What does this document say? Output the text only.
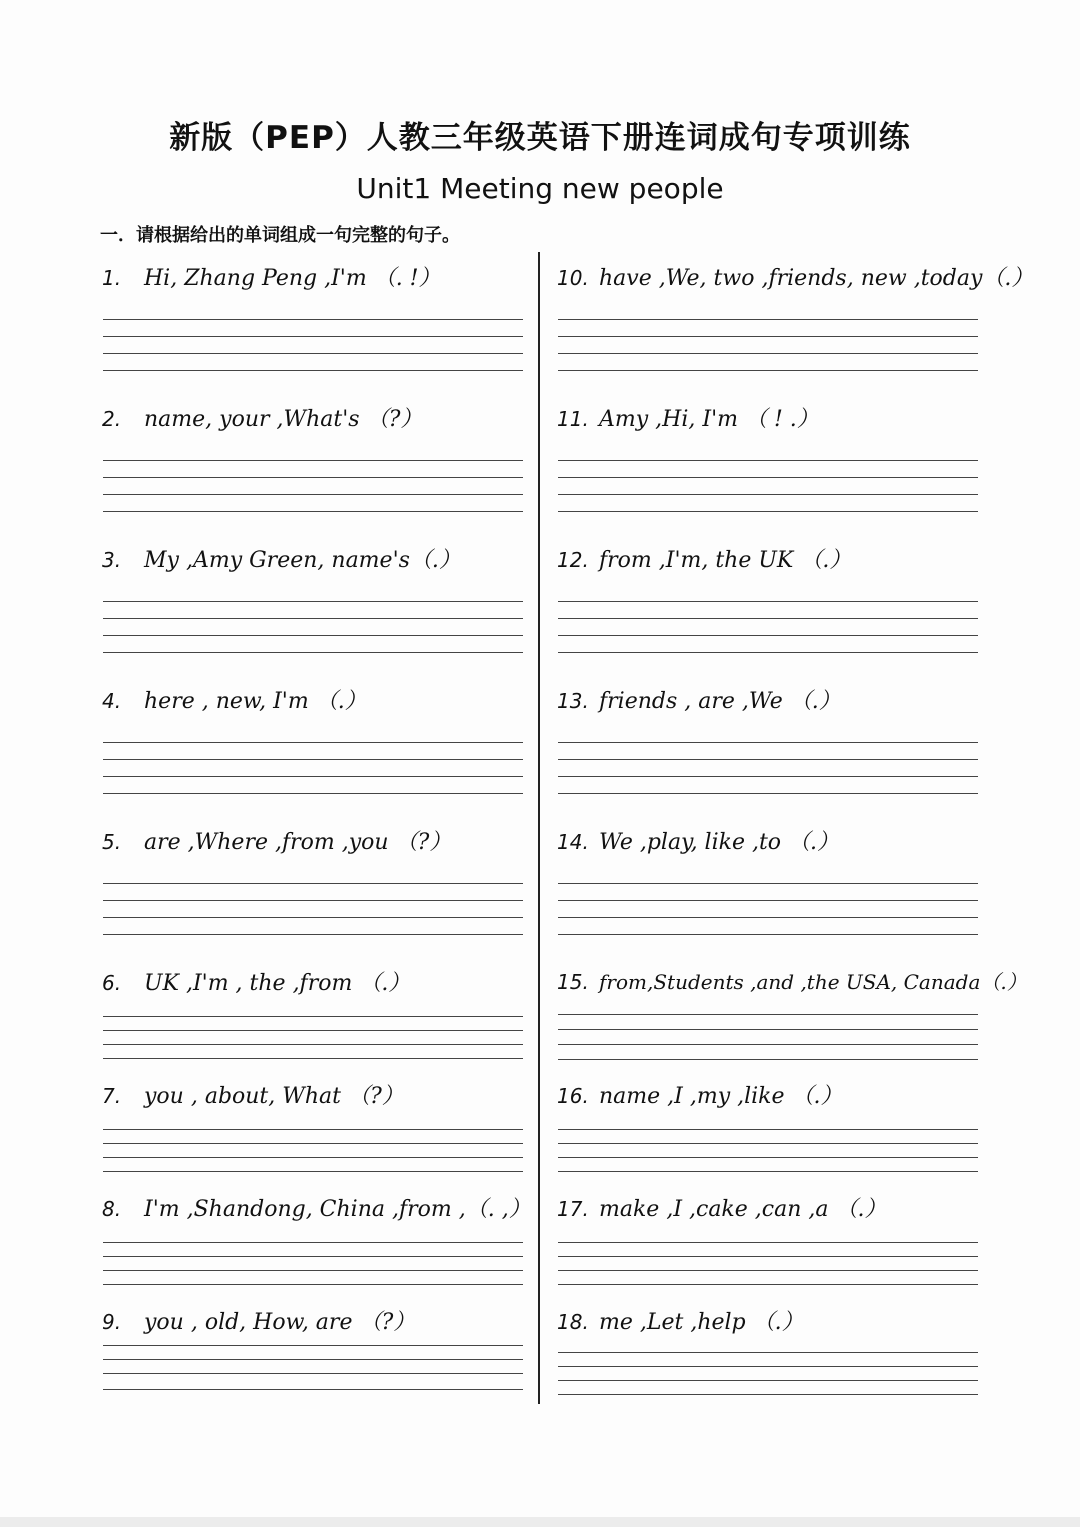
新版（PEP）人教三年级英语下册连词成句专项训练
Unit1 Meeting new people
一．请根据给出的单词组成一句完整的句子。
1. Hi, Zhang Peng ,I'm （. !）
2. name, your ,What's （?）
3. My ,Amy Green, name's（.）
4. here , new, I'm （.）
5. are ,Where ,from ,you （?）
6. UK ,I'm , the ,from （.）
7. you , about, What （?）
8. I'm ,Shandong, China ,from ,（. ,）
9. you , old, How, are （?）
10. have ,We, two ,friends, new ,today（.）
11. Amy ,Hi, I'm （ ! .）
12. from ,I'm, the UK （.）
13. friends , are ,We （.）
14. We ,play, like ,to （.）
15. from,Students ,and ,the USA, Canada（.）
16. name ,I ,my ,like （.）
17. make ,I ,cake ,can ,a （.）
18. me ,Let ,help （.）
